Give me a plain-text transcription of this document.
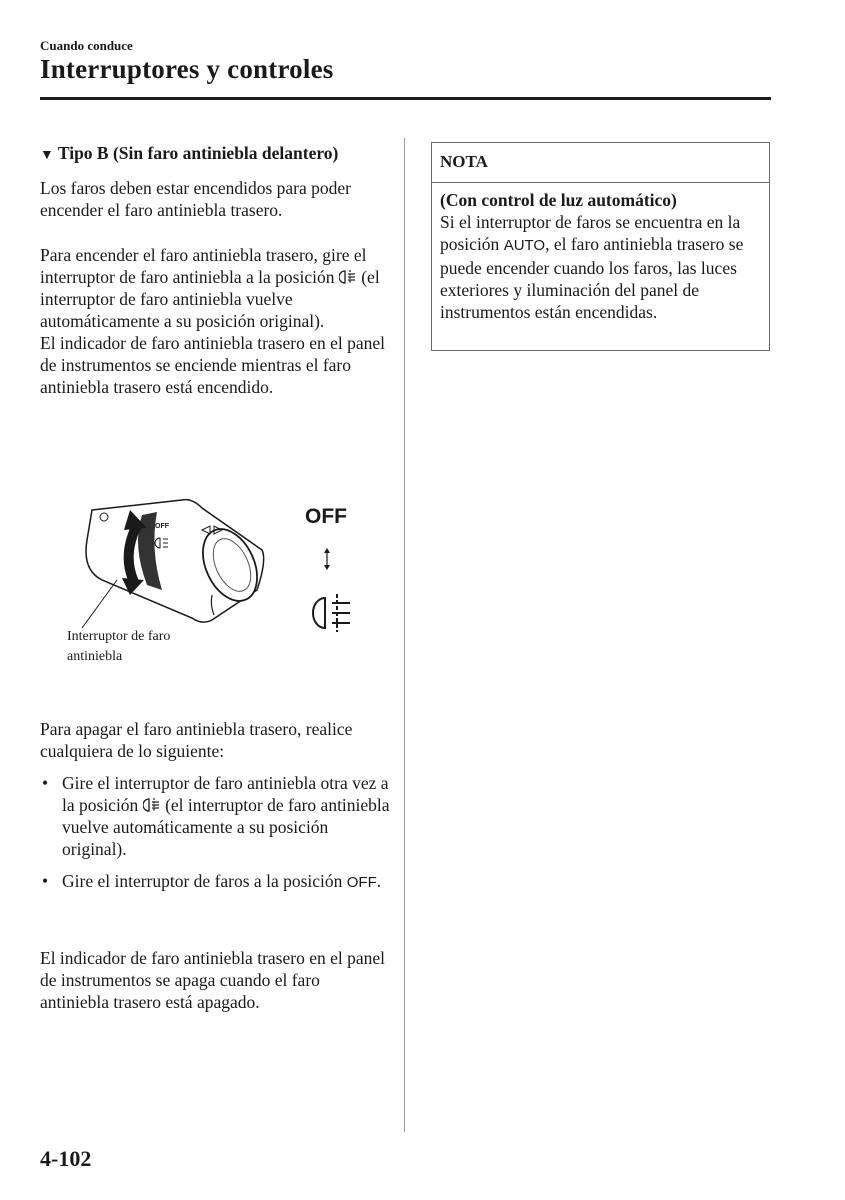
Cuando conduce
Interruptores y controles
▼ Tipo B (Sin faro antiniebla delantero)

Los faros deben estar encendidos para poder encender el faro antiniebla trasero.

Para encender el faro antiniebla trasero, gire el interruptor de faro antiniebla a la posición (el interruptor de faro antiniebla vuelve automáticamente a su posición original).

El indicador de faro antiniebla trasero en el panel de instrumentos se enciende mientras el faro antiniebla trasero está encendido.

OFF	OFF
Interruptor de faro
antiniebla

Para apagar el faro antiniebla trasero, realice cualquiera de lo siguiente:

• Gire el interruptor de faro antiniebla otra vez a la posición (el interruptor de faro antiniebla vuelve automáticamente a su posición original).
• Gire el interruptor de faros a la posición OFF.

El indicador de faro antiniebla trasero en el panel de instrumentos se apaga cuando el faro antiniebla trasero está apagado.

NOTA
(Con control de luz automático)
Si el interruptor de faros se encuentra en la posición AUTO, el faro antiniebla trasero se puede encender cuando los faros, las luces exteriores y iluminación del panel de instrumentos están encendidas.
4-102
